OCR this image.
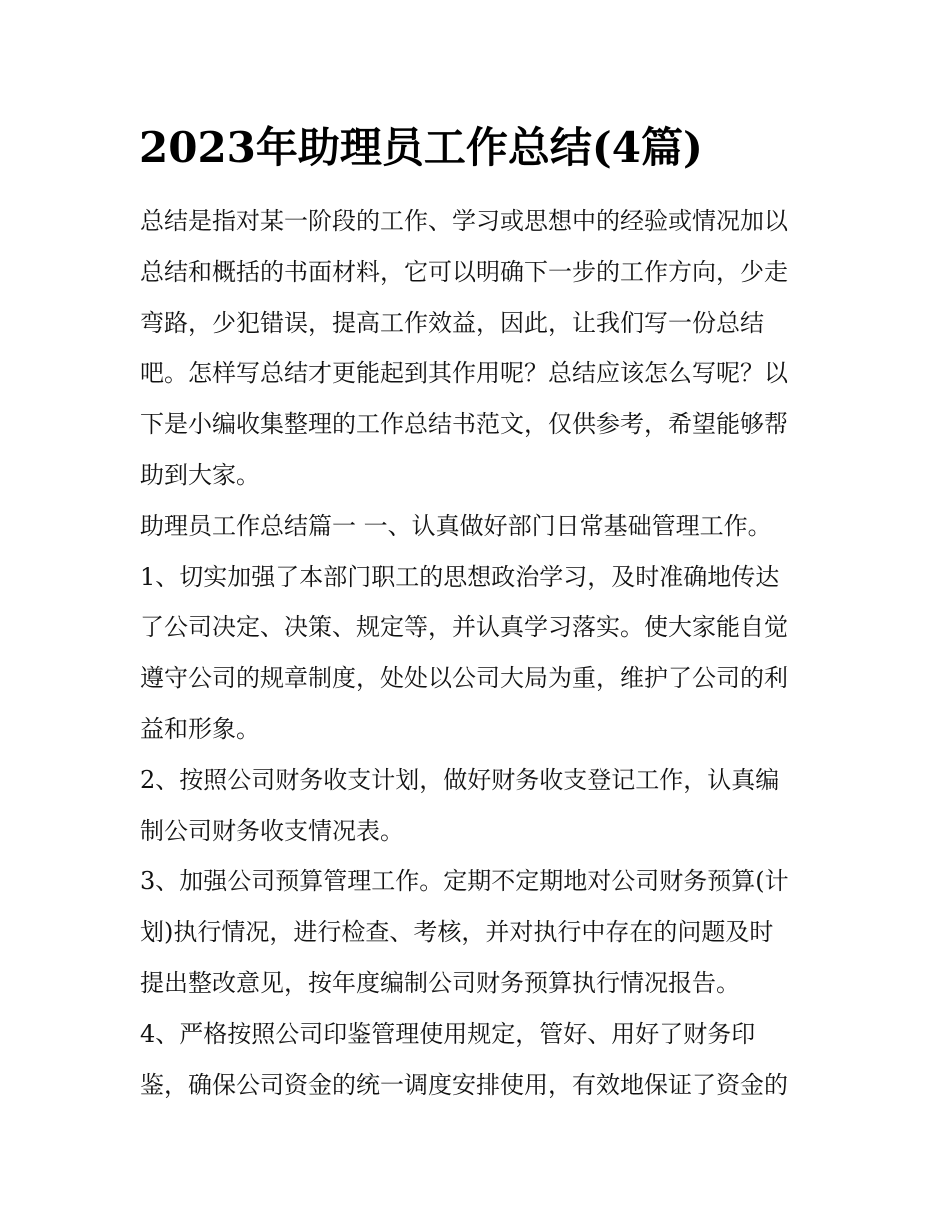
2023年助理员工作总结(4篇)

总结是指对某一阶段的工作、学习或思想中的经验或情况加以
总结和概括的书面材料，它可以明确下一步的工作方向，少走
弯路，少犯错误，提高工作效益，因此，让我们写一份总结
吧。怎样写总结才更能起到其作用呢？总结应该怎么写呢？以
下是小编收集整理的工作总结书范文，仅供参考，希望能够帮
助到大家。

助理员工作总结篇一 一、认真做好部门日常基础管理工作。

1、切实加强了本部门职工的思想政治学习，及时准确地传达
了公司决定、决策、规定等，并认真学习落实。使大家能自觉
遵守公司的规章制度，处处以公司大局为重，维护了公司的利
益和形象。

2、按照公司财务收支计划，做好财务收支登记工作，认真编
制公司财务收支情况表。

3、加强公司预算管理工作。定期不定期地对公司财务预算(计
划)执行情况，进行检查、考核，并对执行中存在的问题及时
提出整改意见，按年度编制公司财务预算执行情况报告。

4、严格按照公司印鉴管理使用规定，管好、用好了财务印
鉴，确保公司资金的统一调度安排使用，有效地保证了资金的
